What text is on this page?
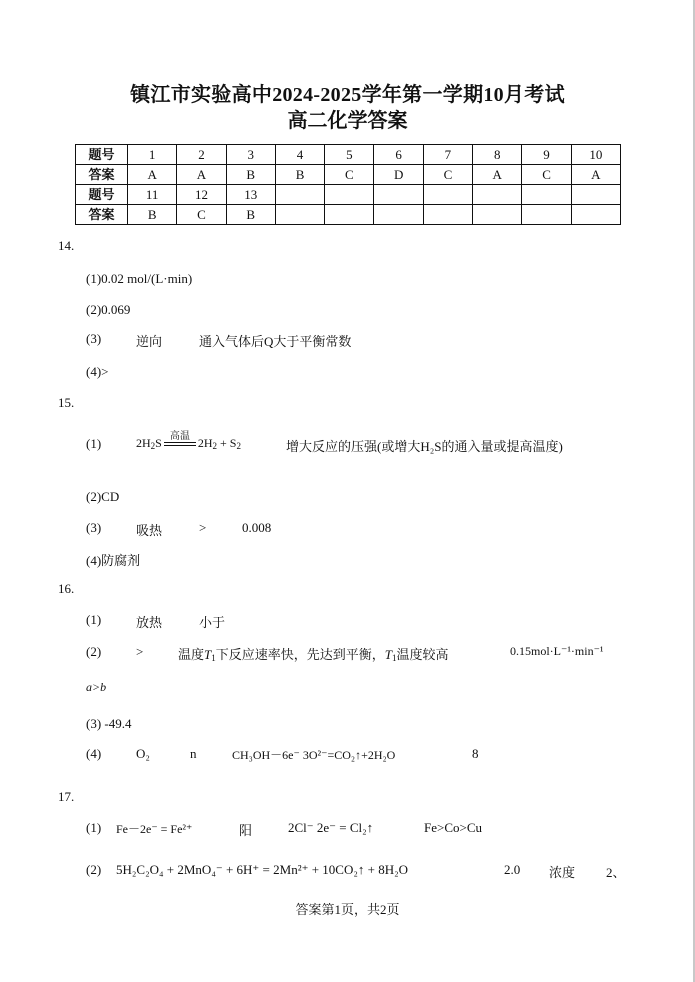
镇江市实验高中2024-2025学年第一学期10月考试
高二化学答案
题号	1	2	3	4	5	6	7	8	9	10
答案	A	A	B	B	C	D	C	A	C	A
题号	11	12	13							
答案	B	C	B							
14.
(1)0.02 mol/(L·min)
(2)0.069
(3)	逆向	通入气体后Q大于平衡常数
(4)>
15.
(1)	$2H_2S$ 高温 $2H_2 + S_2$	增大反应的压强(或增大H₂S的通入量或提高温度)
(2)CD
(3)	吸热	>	0.008
(4)防腐剂
16.
(1)	放热	小于
(2)	>	温度$T_1$下反应速率快，先达到平衡，$T_1$温度较高	0.15mol·L⁻¹·min⁻¹
a>b
(3) -49.4
(4)	O₂	n	CH₃OH－6e⁻ 3O²⁻=CO₂↑+2H₂O	8
17.
(1) Fe－2e⁻ = Fe²⁺	阳	2Cl⁻ 2e⁻ = Cl₂↑	Fe>Co>Cu
(2) 5H₂C₂O₄ + 2MnO₄⁻ + 6H⁺ = 2Mn²⁺ + 10CO₂↑ + 8H₂O	2.0 浓度 2、
答案第1页，共2页
